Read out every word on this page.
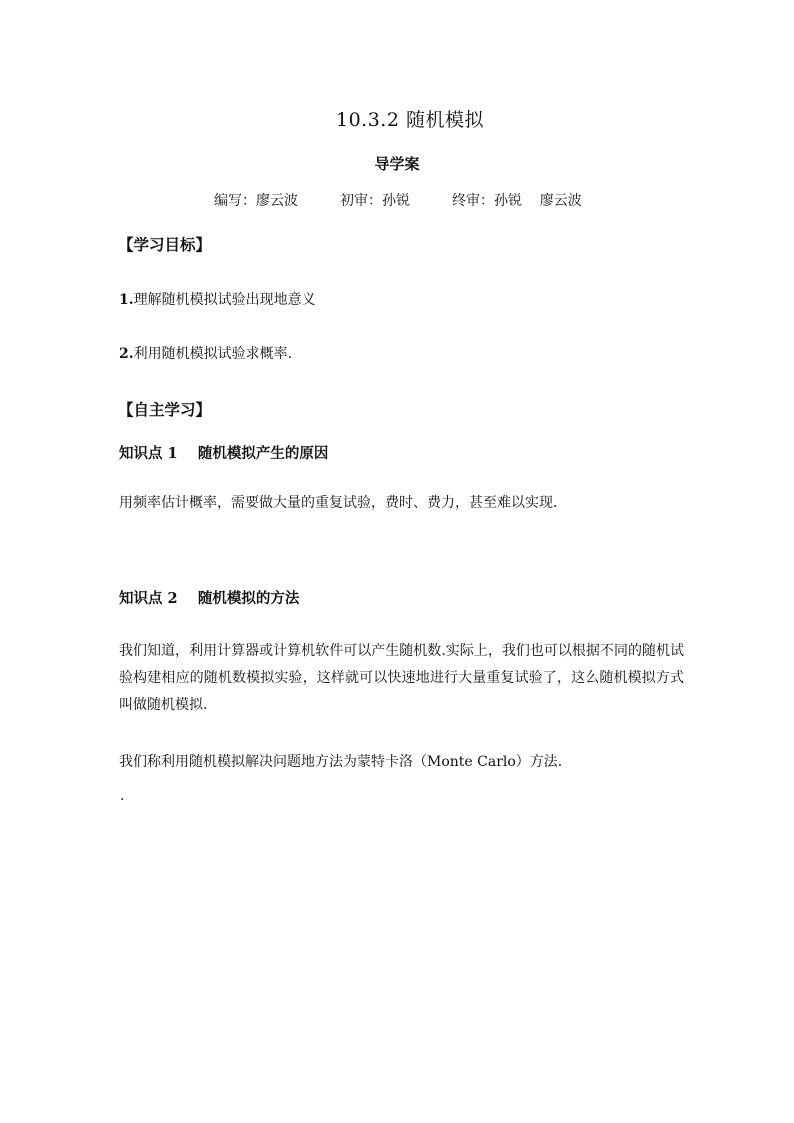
10.3.2 随机模拟
导学案
编写：廖云波	初审：孙锐	终审：孙锐    廖云波
【学习目标】
1.理解随机模拟试验出现地意义
2.利用随机模拟试验求概率.
【自主学习】
知识点 1    随机模拟产生的原因
用频率估计概率，需要做大量的重复试验，费时、费力，甚至难以实现．
知识点 2    随机模拟的方法
我们知道，利用计算器或计算机软件可以产生随机数.实际上，我们也可以根据不同的随机试验构建相应的随机数模拟实验，这样就可以快速地进行大量重复试验了，这么随机模拟方式叫做随机模拟．
我们称利用随机模拟解决问题地方法为蒙特卡洛（Monte Carlo）方法.
.
